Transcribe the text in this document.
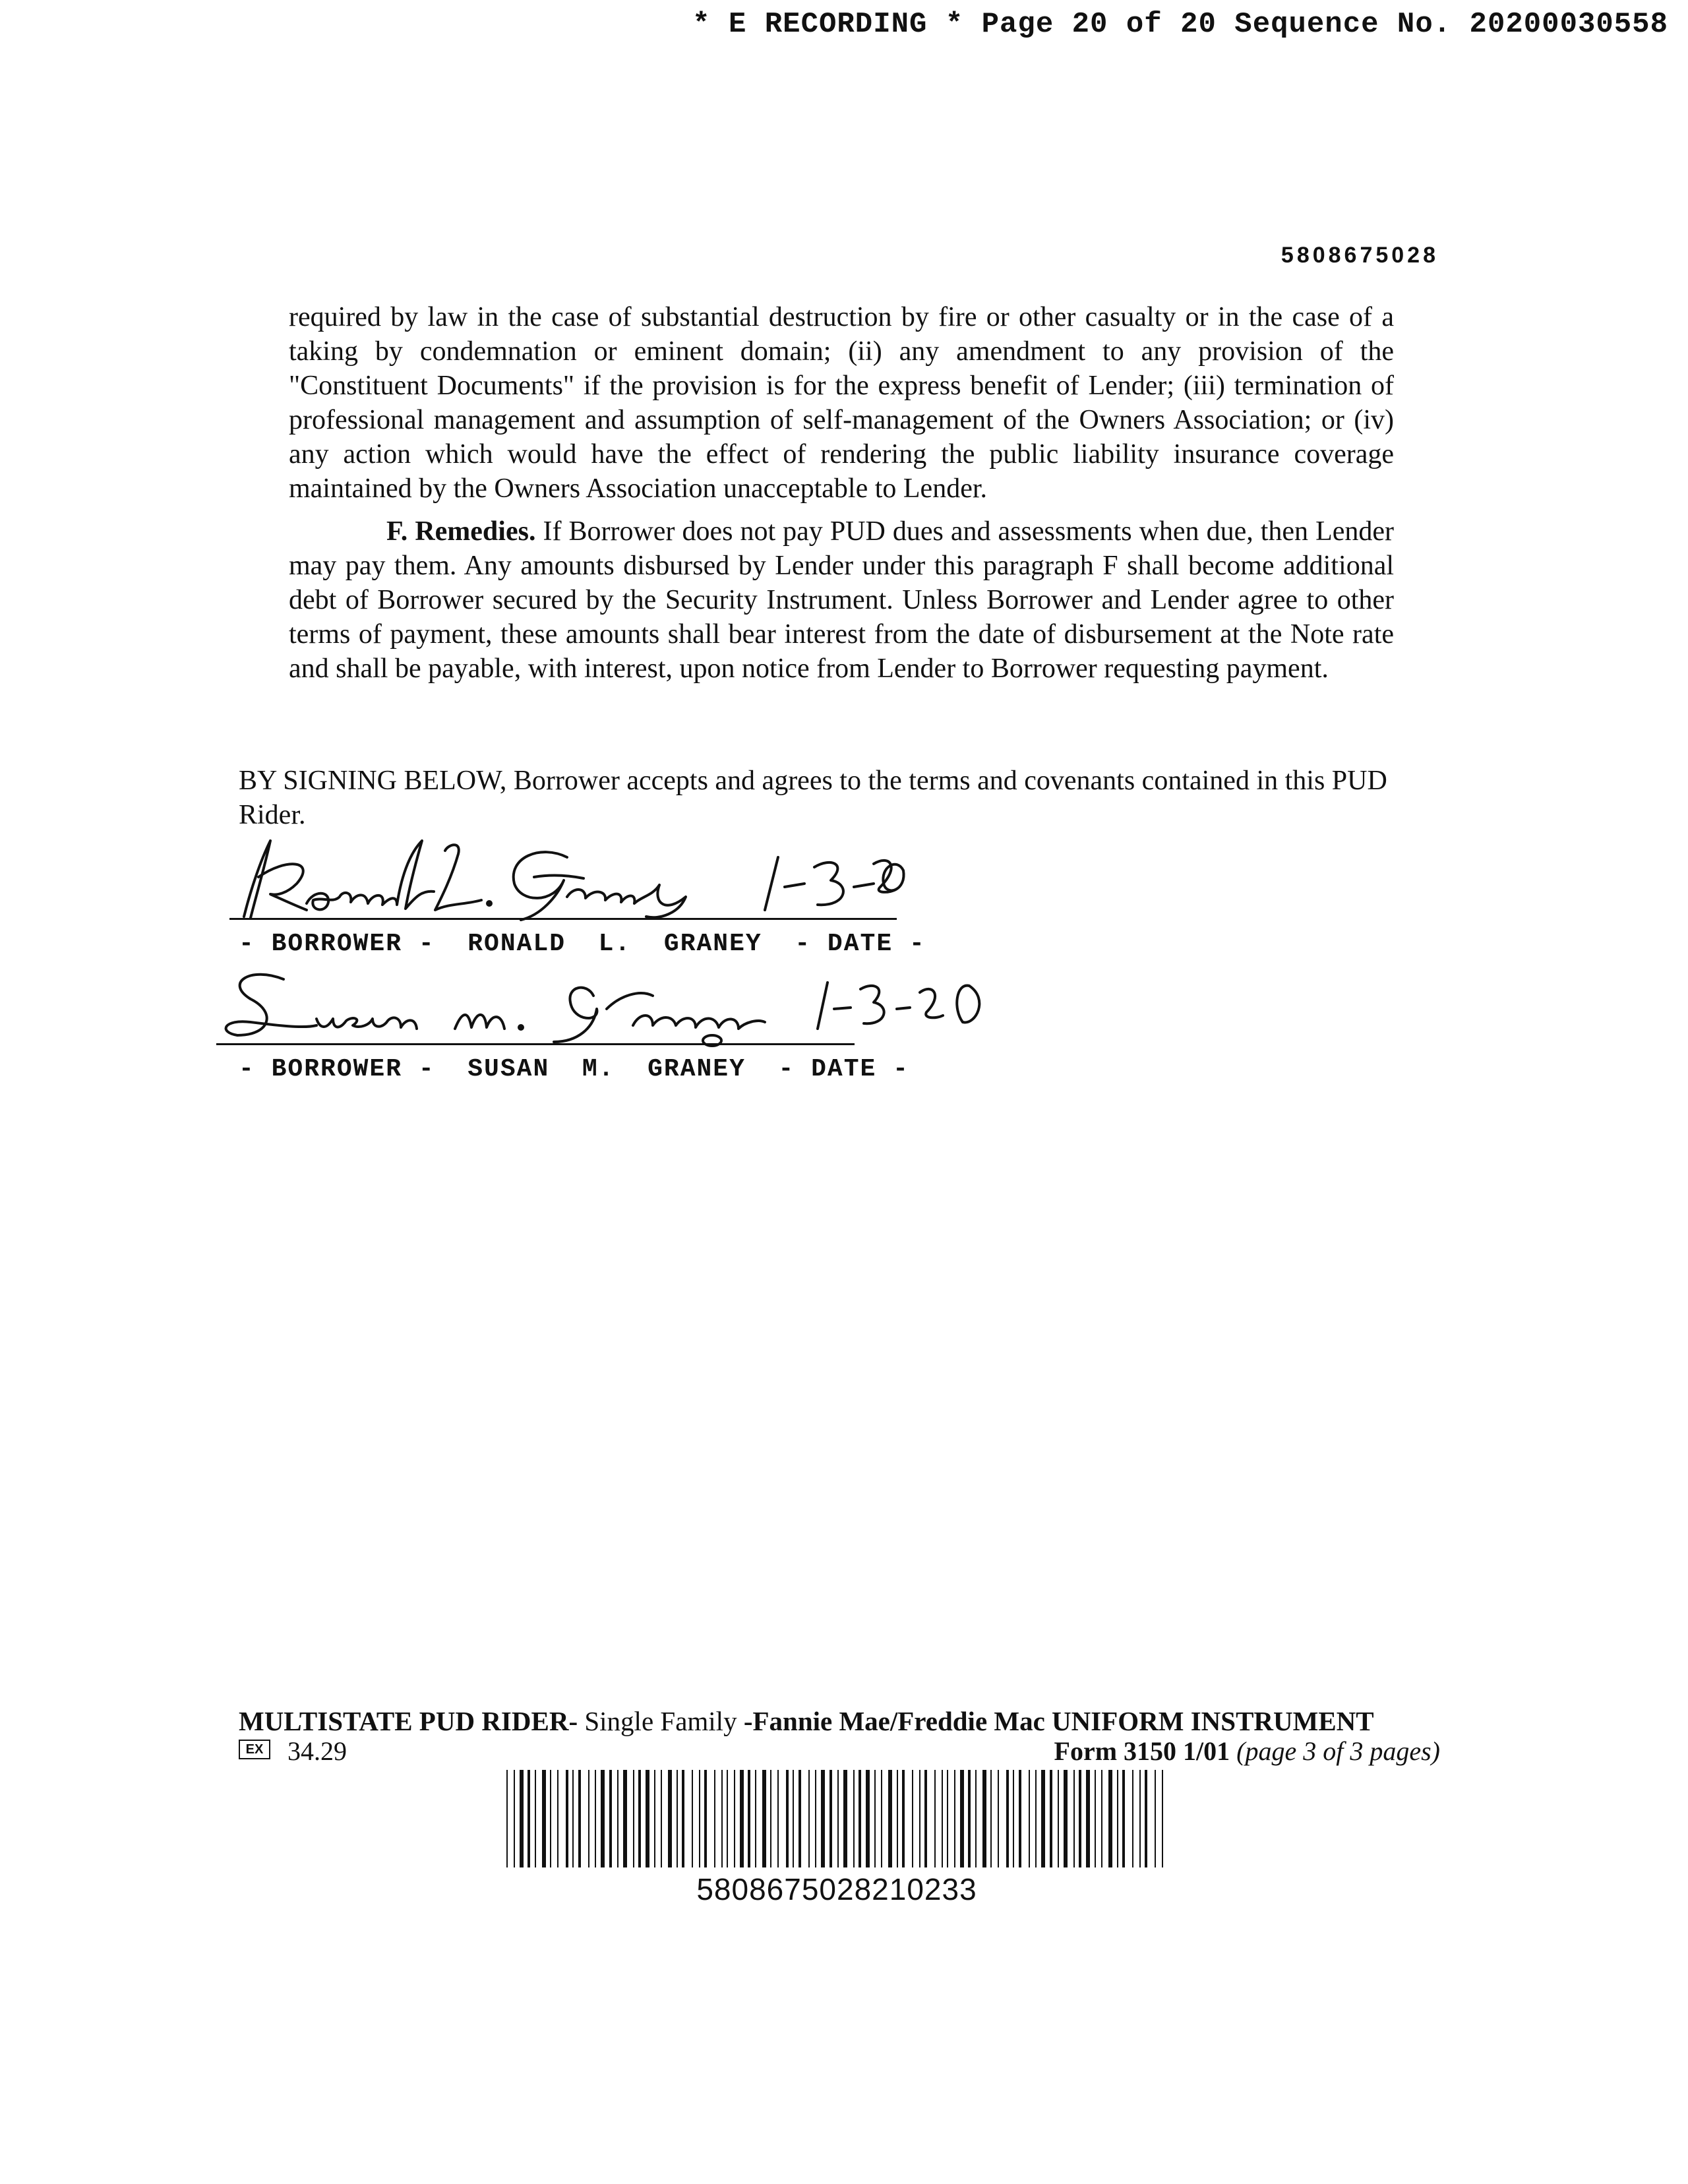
* E RECORDING * Page 20 of 20 Sequence No. 20200030558
5808675028

required by law in the case of substantial destruction by fire or other casualty or in the case of a taking by condemnation or eminent domain; (ii) any amendment to any provision of the "Constituent Documents" if the provision is for the express benefit of Lender; (iii) termination of professional management and assumption of self-management of the Owners Association; or (iv) any action which would have the effect of rendering the public liability insurance coverage maintained by the Owners Association unacceptable to Lender.

F. Remedies. If Borrower does not pay PUD dues and assessments when due, then Lender may pay them. Any amounts disbursed by Lender under this paragraph F shall become additional debt of Borrower secured by the Security Instrument. Unless Borrower and Lender agree to other terms of payment, these amounts shall bear interest from the date of disbursement at the Note rate and shall be payable, with interest, upon notice from Lender to Borrower requesting payment.

BY SIGNING BELOW, Borrower accepts and agrees to the terms and covenants contained in this PUD Rider.

- BORROWER -  RONALD  L.  GRANEY  - DATE -
- BORROWER -  SUSAN  M.  GRANEY  - DATE -
MULTISTATE PUD RIDER- Single Family -Fannie Mae/Freddie Mac UNIFORM INSTRUMENT
EX 34.29	Form 3150 1/01 (page 3 of 3 pages)
5808675028210233
